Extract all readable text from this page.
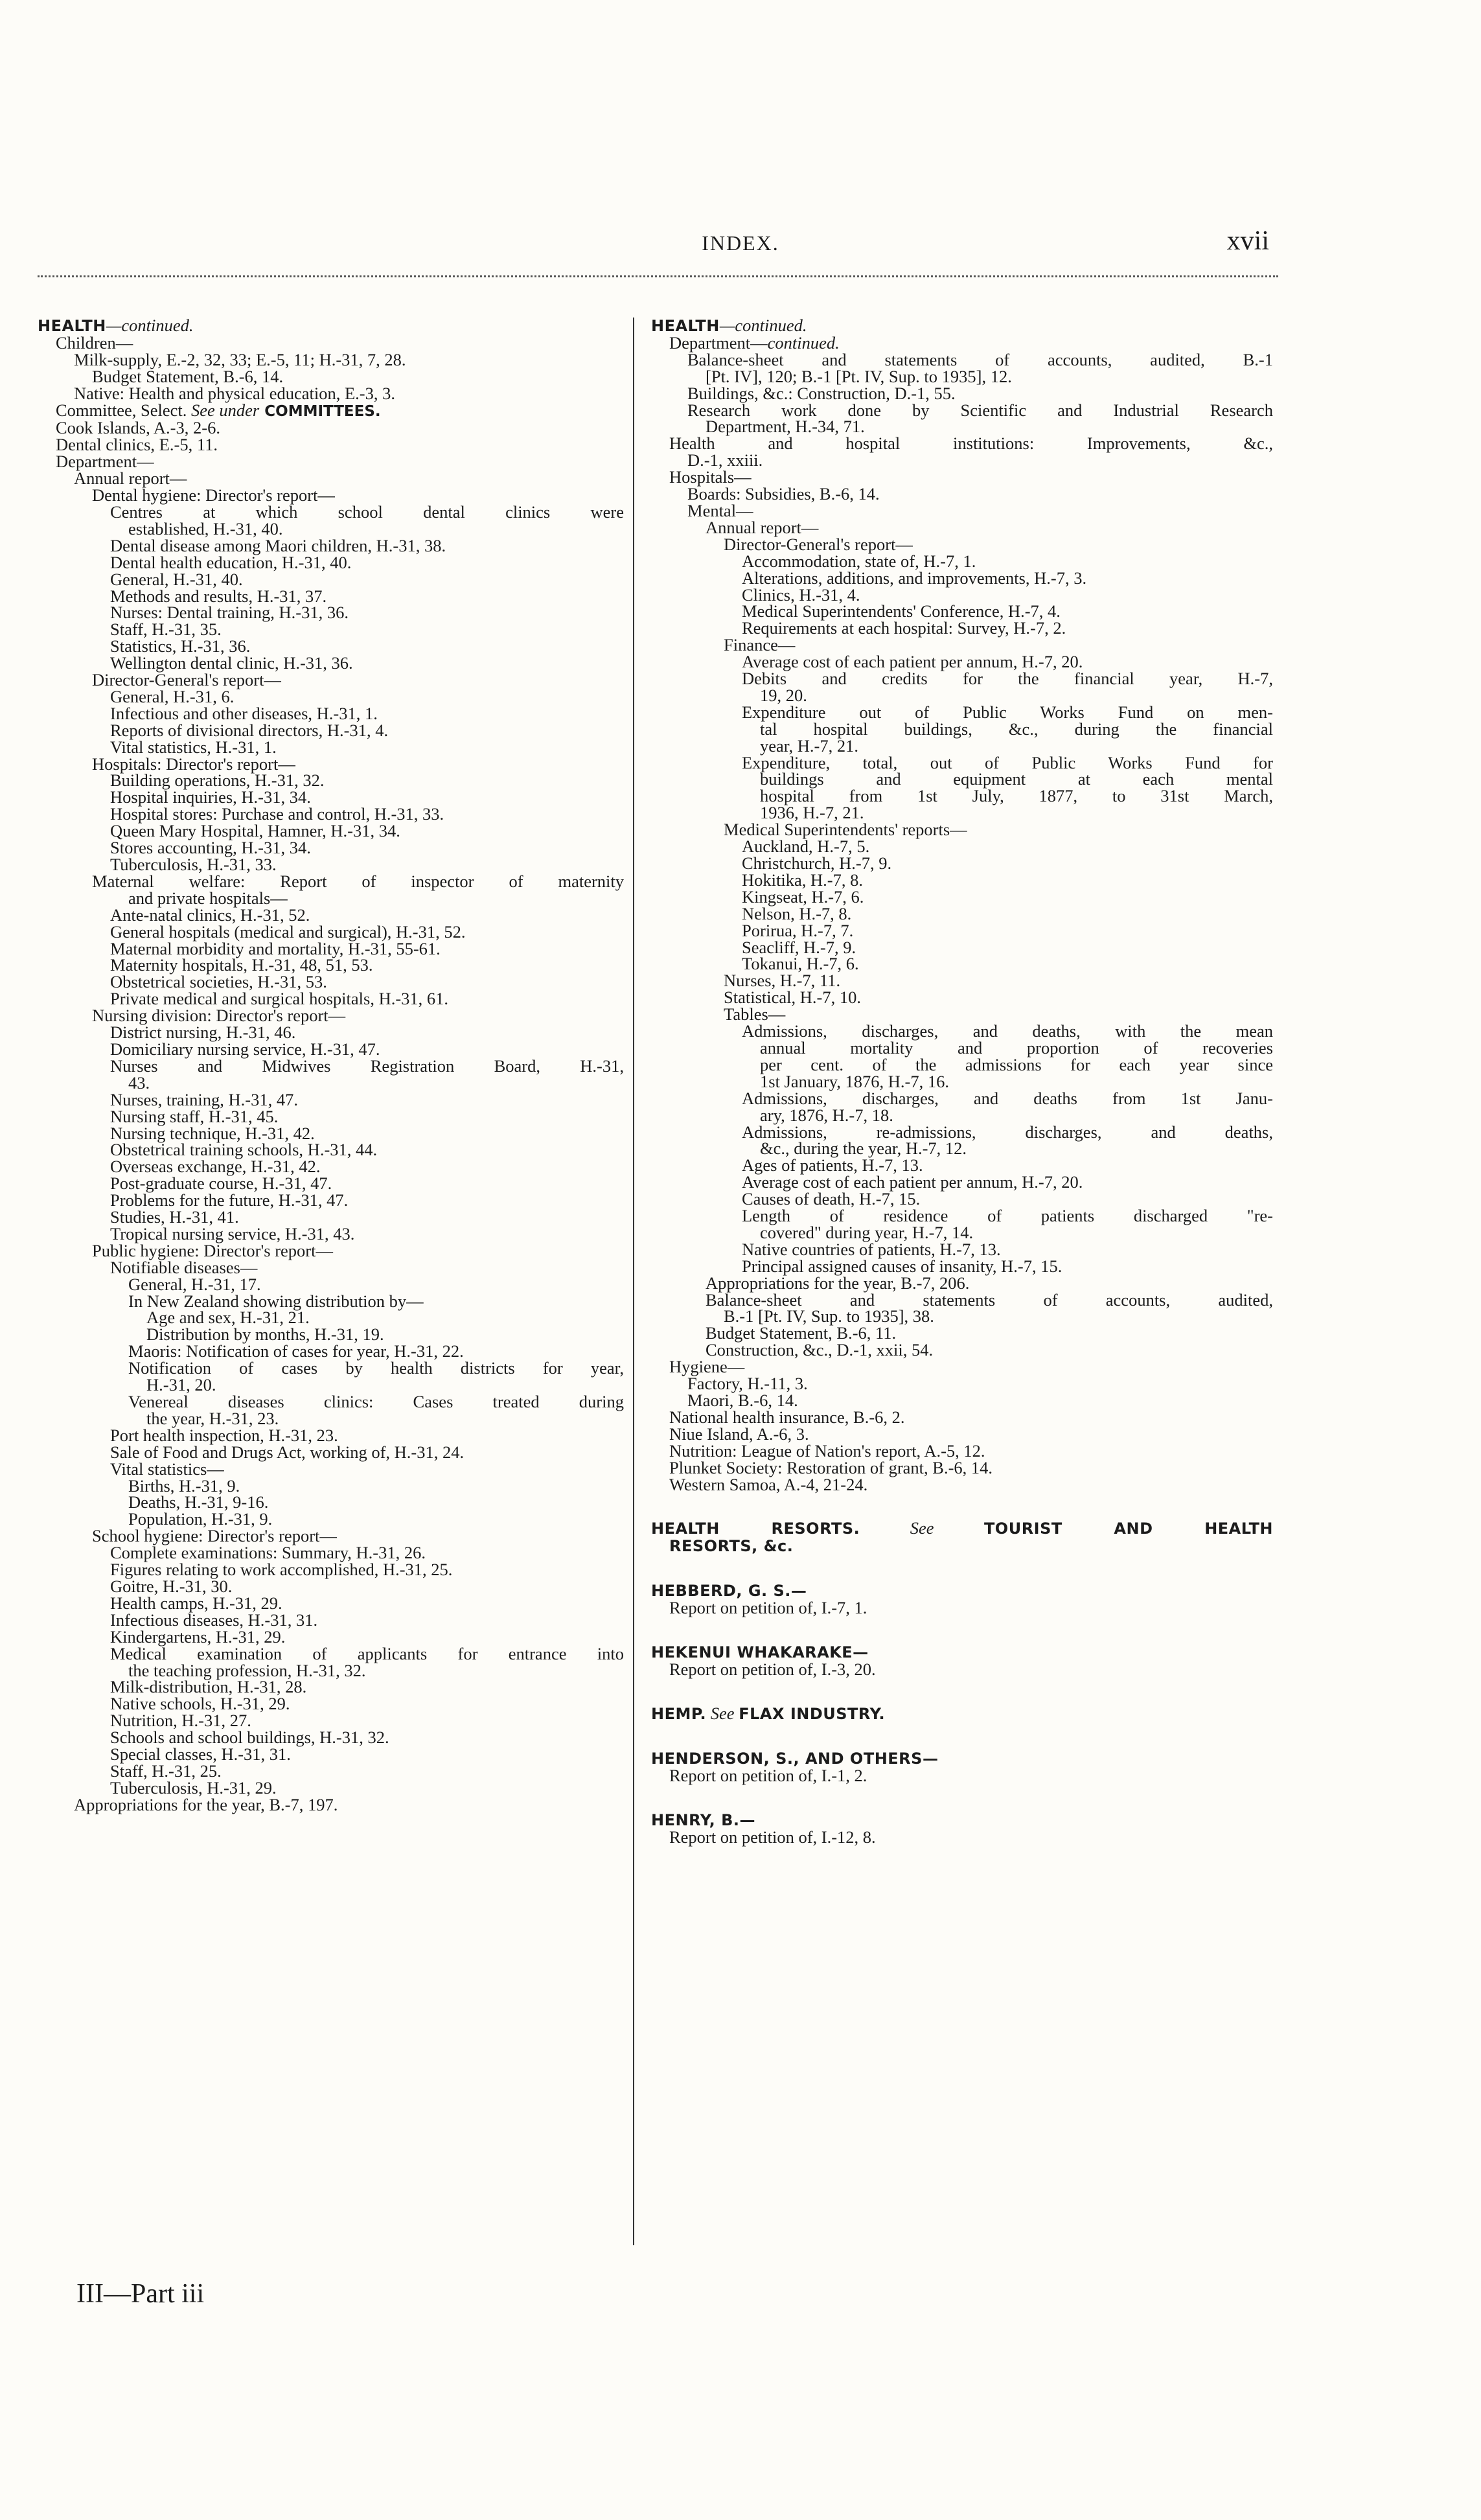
INDEX.	xvii
HEALTH—continued.
Children—
Milk-supply, E.-2, 32, 33; E.-5, 11; H.-31, 7, 28.
Budget Statement, B.-6, 14.
Native: Health and physical education, E.-3, 3.
Committee, Select. See under COMMITTEES.
Cook Islands, A.-3, 2-6.
Dental clinics, E.-5, 11.
Department—
Annual report—
Dental hygiene: Director's report—
Centres at which school dental clinics were
established, H.-31, 40.
Dental disease among Maori children, H.-31, 38.
Dental health education, H.-31, 40.
General, H.-31, 40.
Methods and results, H.-31, 37.
Nurses: Dental training, H.-31, 36.
Staff, H.-31, 35.
Statistics, H.-31, 36.
Wellington dental clinic, H.-31, 36.
Director-General's report—
General, H.-31, 6.
Infectious and other diseases, H.-31, 1.
Reports of divisional directors, H.-31, 4.
Vital statistics, H.-31, 1.
Hospitals: Director's report—
Building operations, H.-31, 32.
Hospital inquiries, H.-31, 34.
Hospital stores: Purchase and control, H.-31, 33.
Queen Mary Hospital, Hamner, H.-31, 34.
Stores accounting, H.-31, 34.
Tuberculosis, H.-31, 33.
Maternal welfare: Report of inspector of maternity
and private hospitals—
Ante-natal clinics, H.-31, 52.
General hospitals (medical and surgical), H.-31, 52.
Maternal morbidity and mortality, H.-31, 55-61.
Maternity hospitals, H.-31, 48, 51, 53.
Obstetrical societies, H.-31, 53.
Private medical and surgical hospitals, H.-31, 61.
Nursing division: Director's report—
District nursing, H.-31, 46.
Domiciliary nursing service, H.-31, 47.
Nurses and Midwives Registration Board, H.-31,
43.
Nurses, training, H.-31, 47.
Nursing staff, H.-31, 45.
Nursing technique, H.-31, 42.
Obstetrical training schools, H.-31, 44.
Overseas exchange, H.-31, 42.
Post-graduate course, H.-31, 47.
Problems for the future, H.-31, 47.
Studies, H.-31, 41.
Tropical nursing service, H.-31, 43.
Public hygiene: Director's report—
Notifiable diseases—
General, H.-31, 17.
In New Zealand showing distribution by—
Age and sex, H.-31, 21.
Distribution by months, H.-31, 19.
Maoris: Notification of cases for year, H.-31, 22.
Notification of cases by health districts for year,
H.-31, 20.
Venereal diseases clinics: Cases treated during
the year, H.-31, 23.
Port health inspection, H.-31, 23.
Sale of Food and Drugs Act, working of, H.-31, 24.
Vital statistics—
Births, H.-31, 9.
Deaths, H.-31, 9-16.
Population, H.-31, 9.
School hygiene: Director's report—
Complete examinations: Summary, H.-31, 26.
Figures relating to work accomplished, H.-31, 25.
Goitre, H.-31, 30.
Health camps, H.-31, 29.
Infectious diseases, H.-31, 31.
Kindergartens, H.-31, 29.
Medical examination of applicants for entrance into
the teaching profession, H.-31, 32.
Milk-distribution, H.-31, 28.
Native schools, H.-31, 29.
Nutrition, H.-31, 27.
Schools and school buildings, H.-31, 32.
Special classes, H.-31, 31.
Staff, H.-31, 25.
Tuberculosis, H.-31, 29.
Appropriations for the year, B.-7, 197.
HEALTH—continued.
Department—continued.
Balance-sheet and statements of accounts, audited, B.-1
[Pt. IV], 120; B.-1 [Pt. IV, Sup. to 1935], 12.
Buildings, &c.: Construction, D.-1, 55.
Research work done by Scientific and Industrial Research
Department, H.-34, 71.
Health and hospital institutions: Improvements, &c.,
D.-1, xxiii.
Hospitals—
Boards: Subsidies, B.-6, 14.
Mental—
Annual report—
Director-General's report—
Accommodation, state of, H.-7, 1.
Alterations, additions, and improvements, H.-7, 3.
Clinics, H.-31, 4.
Medical Superintendents' Conference, H.-7, 4.
Requirements at each hospital: Survey, H.-7, 2.
Finance—
Average cost of each patient per annum, H.-7, 20.
Debits and credits for the financial year, H.-7,
19, 20.
Expenditure out of Public Works Fund on men-
tal hospital buildings, &c., during the financial
year, H.-7, 21.
Expenditure, total, out of Public Works Fund for
buildings and equipment at each mental
hospital from 1st July, 1877, to 31st March,
1936, H.-7, 21.
Medical Superintendents' reports—
Auckland, H.-7, 5.
Christchurch, H.-7, 9.
Hokitika, H.-7, 8.
Kingseat, H.-7, 6.
Nelson, H.-7, 8.
Porirua, H.-7, 7.
Seacliff, H.-7, 9.
Tokanui, H.-7, 6.
Nurses, H.-7, 11.
Statistical, H.-7, 10.
Tables—
Admissions, discharges, and deaths, with the mean
annual mortality and proportion of recoveries
per cent. of the admissions for each year since
1st January, 1876, H.-7, 16.
Admissions, discharges, and deaths from 1st Janu-
ary, 1876, H.-7, 18.
Admissions, re-admissions, discharges, and deaths,
&c., during the year, H.-7, 12.
Ages of patients, H.-7, 13.
Average cost of each patient per annum, H.-7, 20.
Causes of death, H.-7, 15.
Length of residence of patients discharged "re-
covered" during year, H.-7, 14.
Native countries of patients, H.-7, 13.
Principal assigned causes of insanity, H.-7, 15.
Appropriations for the year, B.-7, 206.
Balance-sheet and statements of accounts, audited,
B.-1 [Pt. IV, Sup. to 1935], 38.
Budget Statement, B.-6, 11.
Construction, &c., D.-1, xxii, 54.
Hygiene—
Factory, H.-11, 3.
Maori, B.-6, 14.
National health insurance, B.-6, 2.
Niue Island, A.-6, 3.
Nutrition: League of Nation's report, A.-5, 12.
Plunket Society: Restoration of grant, B.-6, 14.
Western Samoa, A.-4, 21-24.
HEALTH RESORTS.	See	TOURIST AND HEALTH
RESORTS, &c.
HEBBERD, G. S.—
Report on petition of, I.-7, 1.
HEKENUI WHAKARAKE—
Report on petition of, I.-3, 20.
HEMP. See FLAX INDUSTRY.
HENDERSON, S., AND OTHERS—
Report on petition of, I.-1, 2.
HENRY, B.—
Report on petition of, I.-12, 8.
III—Part iii
